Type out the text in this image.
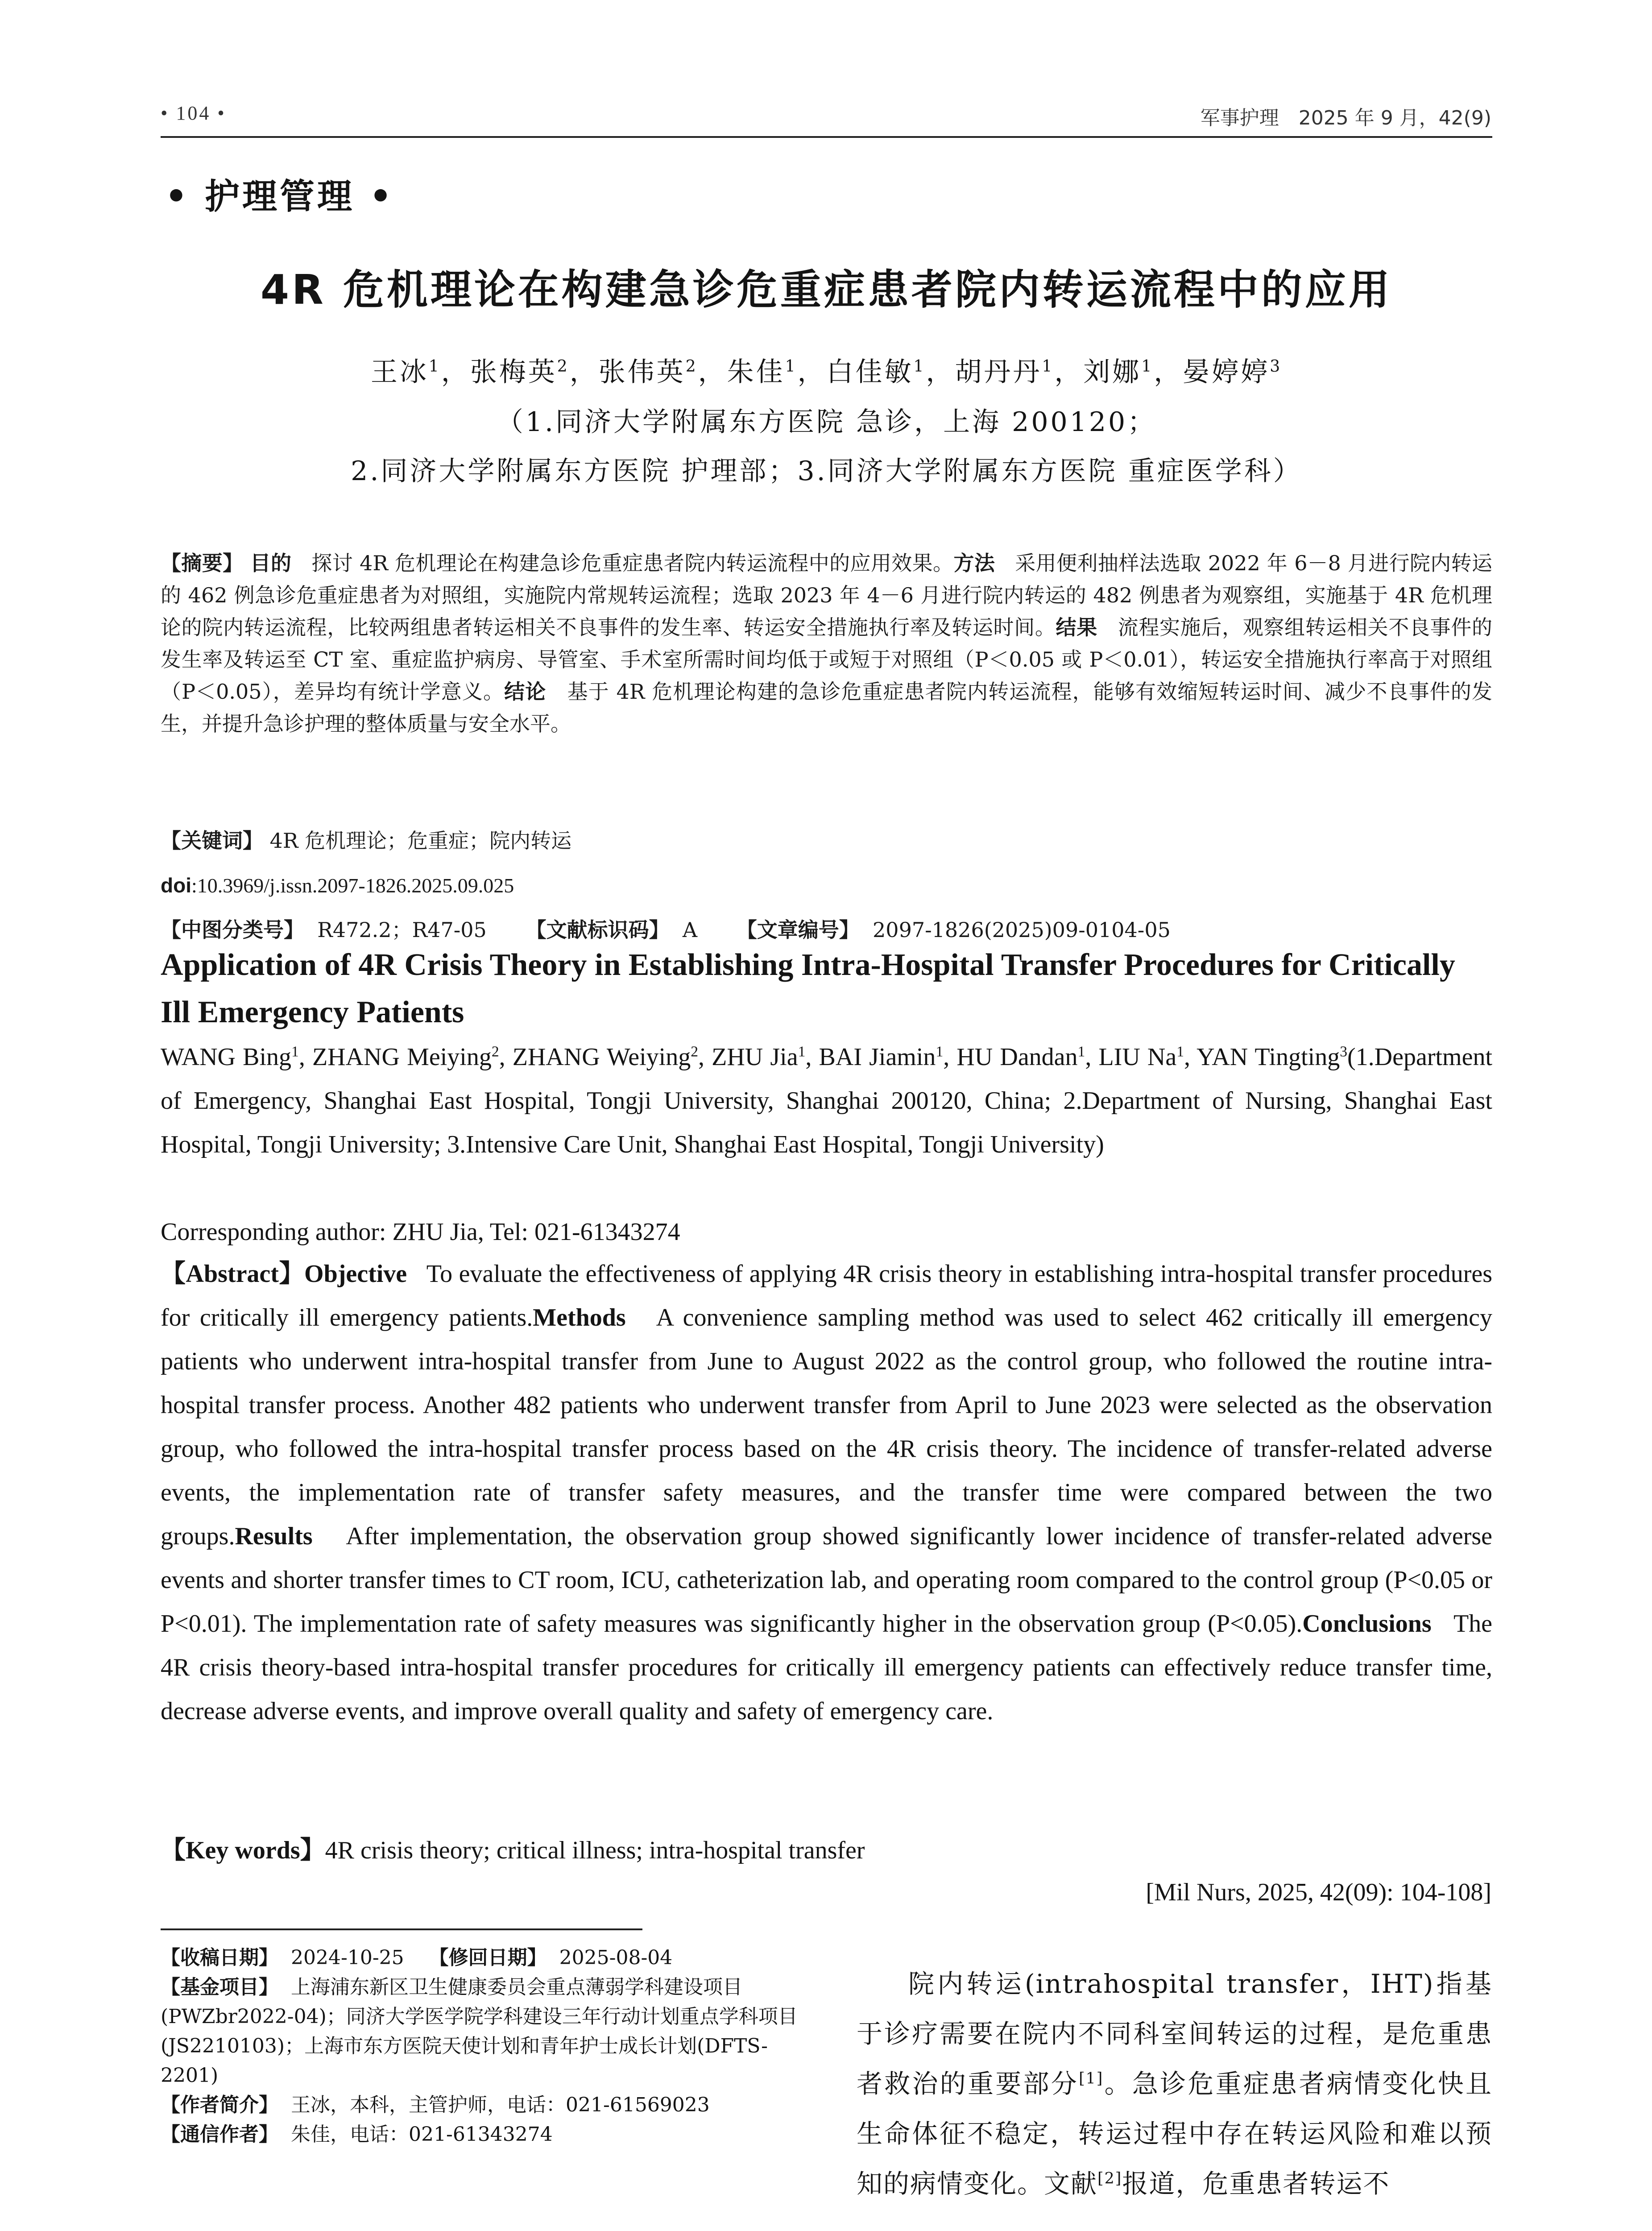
• 104 •	军事护理　2025 年 9 月，42(9)
• 护理管理 •
4R 危机理论在构建急诊危重症患者院内转运流程中的应用
王冰$^1$，张梅英$^2$，张伟英$^2$，朱佳$^1$，白佳敏$^1$，胡丹丹$^1$，刘娜$^1$，晏婷婷$^3$
（1.同济大学附属东方医院 急诊，上海 200120；
2.同济大学附属东方医院 护理部；3.同济大学附属东方医院 重症医学科）

【摘要】 目的 探讨 4R 危机理论在构建急诊危重症患者院内转运流程中的应用效果。方法 采用便利抽样法选取 2022 年 6－8 月进行院内转运的 462 例急诊危重症患者为对照组，实施院内常规转运流程；选取 2023 年 4－6 月进行院内转运的 482 例患者为观察组，实施基于 4R 危机理论的院内转运流程，比较两组患者转运相关不良事件的发生率、转运安全措施执行率及转运时间。结果 流程实施后，观察组转运相关不良事件的发生率及转运至 CT 室、重症监护病房、导管室、手术室所需时间均低于或短于对照组（P＜0.05 或 P＜0.01），转运安全措施执行率高于对照组（P＜0.05），差异均有统计学意义。结论 基于 4R 危机理论构建的急诊危重症患者院内转运流程，能够有效缩短转运时间、减少不良事件的发生，并提升急诊护理的整体质量与安全水平。

【关键词】 4R 危机理论；危重症；院内转运
doi:10.3969/j.issn.2097-1826.2025.09.025
【中图分类号】 R472.2；R47-05 【文献标识码】 A 【文章编号】 2097-1826(2025)09-0104-05

Application of 4R Crisis Theory in Establishing Intra-Hospital Transfer Procedures for Critically Ill Emergency Patients

WANG Bing$^1$, ZHANG Meiying$^2$, ZHANG Weiying$^2$, ZHU Jia$^1$, BAI Jiamin$^1$, HU Dandan$^1$, LIU Na$^1$, YAN Tingting$^3$(1.Department of Emergency, Shanghai East Hospital, Tongji University, Shanghai 200120, China; 2.Department of Nursing, Shanghai East Hospital, Tongji University; 3.Intensive Care Unit, Shanghai East Hospital, Tongji University)

Corresponding author: ZHU Jia, Tel: 021-61343274

【Abstract】Objective To evaluate the effectiveness of applying 4R crisis theory in establishing intra-hospital transfer procedures for critically ill emergency patients.Methods A convenience sampling method was used to select 462 critically ill emergency patients who underwent intra-hospital transfer from June to August 2022 as the control group, who followed the routine intra-hospital transfer process. Another 482 patients who underwent transfer from April to June 2023 were selected as the observation group, who followed the intra-hospital transfer process based on the 4R crisis theory. The incidence of transfer-related adverse events, the implementation rate of transfer safety measures, and the transfer time were compared between the two groups.Results After implementation, the observation group showed significantly lower incidence of transfer-related adverse events and shorter transfer times to CT room, ICU, catheterization lab, and operating room compared to the control group (P<0.05 or P<0.01). The implementation rate of safety measures was significantly higher in the observation group (P<0.05).Conclusions The 4R crisis theory-based intra-hospital transfer procedures for critically ill emergency patients can effectively reduce transfer time, decrease adverse events, and improve overall quality and safety of emergency care.

【Key words】4R crisis theory; critical illness; intra-hospital transfer
[Mil Nurs, 2025, 42(09): 104-108]
【收稿日期】 2024-10-25 【修回日期】 2025-08-04

【基金项目】 上海浦东新区卫生健康委员会重点薄弱学科建设项目(PWZbr2022-04)；同济大学医学院学科建设三年行动计划重点学科项目(JS2210103)；上海市东方医院天使计划和青年护士成长计划(DFTS-2201)

【作者简介】 王冰，本科，主管护师，电话：021-61569023
【通信作者】 朱佳，电话：021-61343274

院内转运(intrahospital transfer，IHT)指基于诊疗需要在院内不同科室间转运的过程，是危重患者救治的重要部分[1]。急诊危重症患者病情变化快且生命体征不稳定，转运过程中存在转运风险和难以预知的病情变化。文献[2]报道，危重患者转运不
